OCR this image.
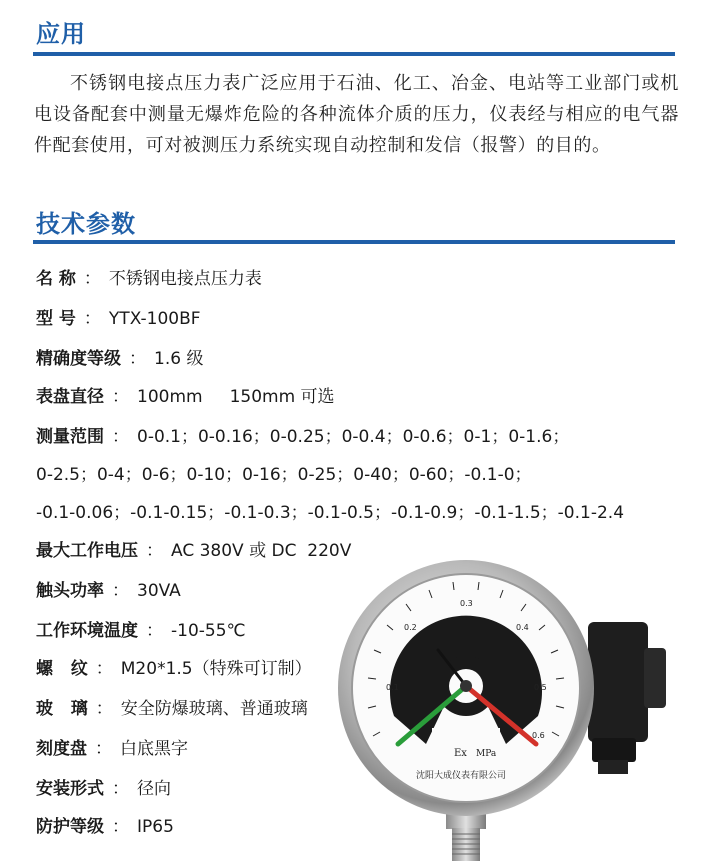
应用

不锈钢电接点压力表广泛应用于石油、化工、冶金、电站等工业部门或机电设备配套中测量无爆炸危险的各种流体介质的压力，仪表经与相应的电气器件配套使用，可对被测压力系统实现自动控制和发信（报警）的目的。

技术参数
名 称 ： 不锈钢电接点压力表
型 号 ： YTX-100BF
精确度等级 ： 1.6 级
表盘直径 ： 100mm     150mm 可选
测量范围 ： 0-0.1；0-0.16；0-0.25；0-0.4；0-0.6；0-1；0-1.6；
0-2.5；0-4；0-6；0-10；0-16；0-25；0-40；0-60；-0.1-0；
-0.1-0.06；-0.1-0.15；-0.1-0.3；-0.1-0.5；-0.1-0.9；-0.1-1.5；-0.1-2.4
最大工作电压 ： AC 380V 或 DC  220V
触头功率 ： 30VA
工作环境温度 ： -10-55℃
螺   纹 ： M20*1.5（特殊可订制）
玻   璃 ： 安全防爆玻璃、普通玻璃
刻度盘 ： 白底黑字
安装形式 ： 径向
防护等级 ： IP65
0.1
0.2
0.3
0.4
0.5
0.6
Ex MPa
沈阳大成仪表有限公司
